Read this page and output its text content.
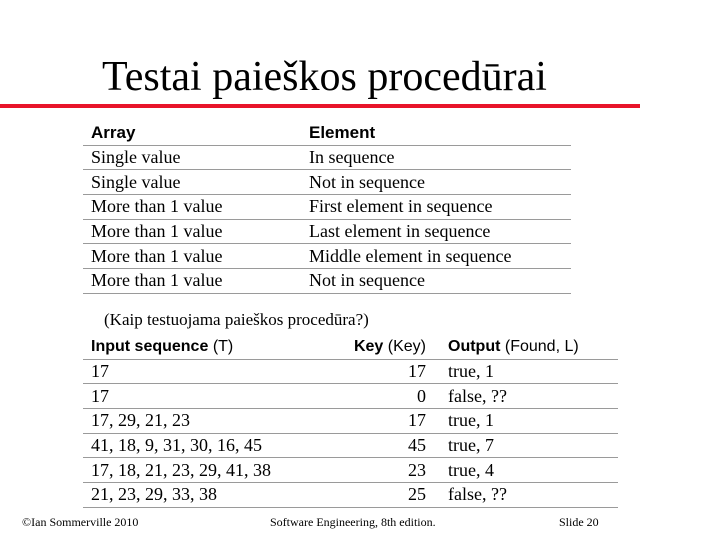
Testai paieškos procedūrai
Array	Element
Single value	In sequence
Single value	Not in sequence
More than 1 value	First element in sequence
More than 1 value	Last element in sequence
More than 1 value	Middle element in sequence
More than 1 value	Not in sequence

(Kaip testuojama paieškos procedūra?)

Input sequence (T)	Key (Key)	Output (Found, L)
17	17	true, 1
17	0	false, ??
17, 29, 21, 23	17	true, 1
41, 18, 9, 31, 30, 16, 45	45	true, 7
17, 18, 21, 23, 29, 41, 38	23	true, 4
21, 23, 29, 33, 38	25	false, ??
©Ian Sommerville 2010	Software Engineering, 8th edition.	Slide 20
